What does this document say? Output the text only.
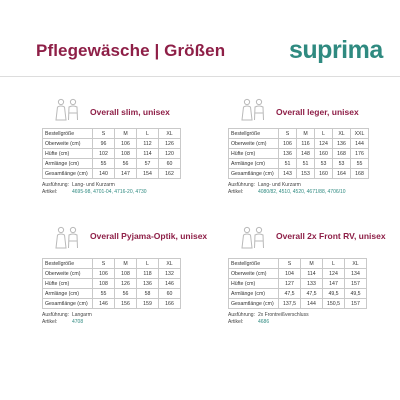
Pflegewäsche | Größen	suprima
Overall slim, unisex
Bestellgröße	S	M	L	XL
Oberweite (cm)	96	106	112	126
Hüfte (cm)	102	108	114	120
Armlänge (cm)	55	56	57	60
Gesamtlänge (cm)	140	147	154	162
Ausführung: Lang- und Kurzarm
Artikel:	4695-98, 4701-04, 4716-20, 4730
Overall leger, unisex
Bestellgröße	S	M	L	XL	XXL
Oberweite (cm)	106	116	124	136	144
Hüfte (cm)	136	148	160	168	176
Armlänge (cm)	51	51	53	53	55
Gesamtlänge (cm)	143	153	160	164	168
Ausführung: Lang- und Kurzarm
Artikel:	4080/82, 4510, 4520, 4671/88, 4706/10
Overall Pyjama-Optik, unisex
Bestellgröße	S	M	L	XL
Oberweite (cm)	106	108	118	132
Hüfte (cm)	108	126	136	146
Armlänge (cm)	55	56	58	60
Gesamtlänge (cm)	146	156	159	166
Ausführung: Langarm
Artikel:	4708
Overall 2x Front RV, unisex
Bestellgröße	S	M	L	XL
Oberweite (cm)	104	114	124	134
Hüfte (cm)	127	133	147	157
Armlänge (cm)	47,5	47,5	49,5	49,5
Gesamtlänge (cm)	137,5	144	150,5	157
Ausführung: 2x Frontreißverschluss
Artikel:	4686
